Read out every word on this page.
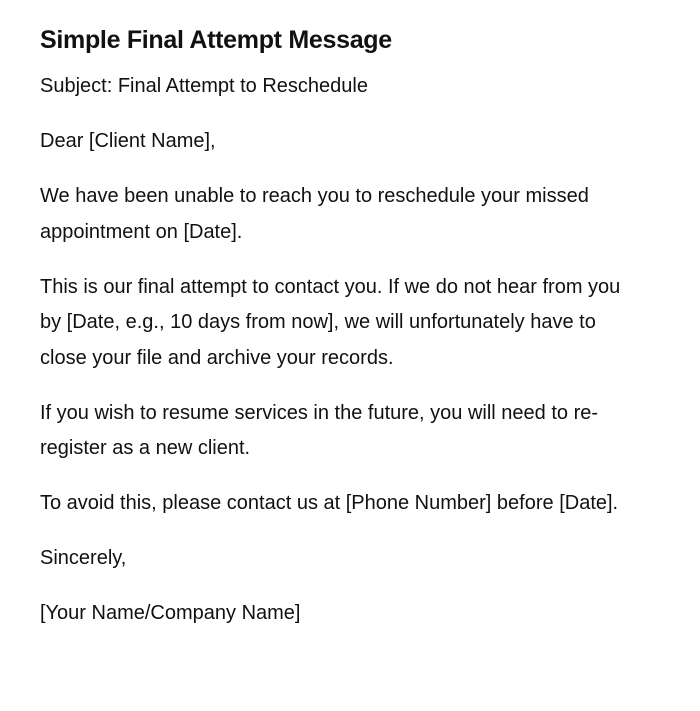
Simple Final Attempt Message

Subject: Final Attempt to Reschedule

Dear [Client Name],

We have been unable to reach you to reschedule your missed appointment on [Date].

This is our final attempt to contact you. If we do not hear from you by [Date, e.g., 10 days from now], we will unfortunately have to close your file and archive your records.

If you wish to resume services in the future, you will need to re-register as a new client.

To avoid this, please contact us at [Phone Number] before [Date].

Sincerely,

[Your Name/Company Name]
